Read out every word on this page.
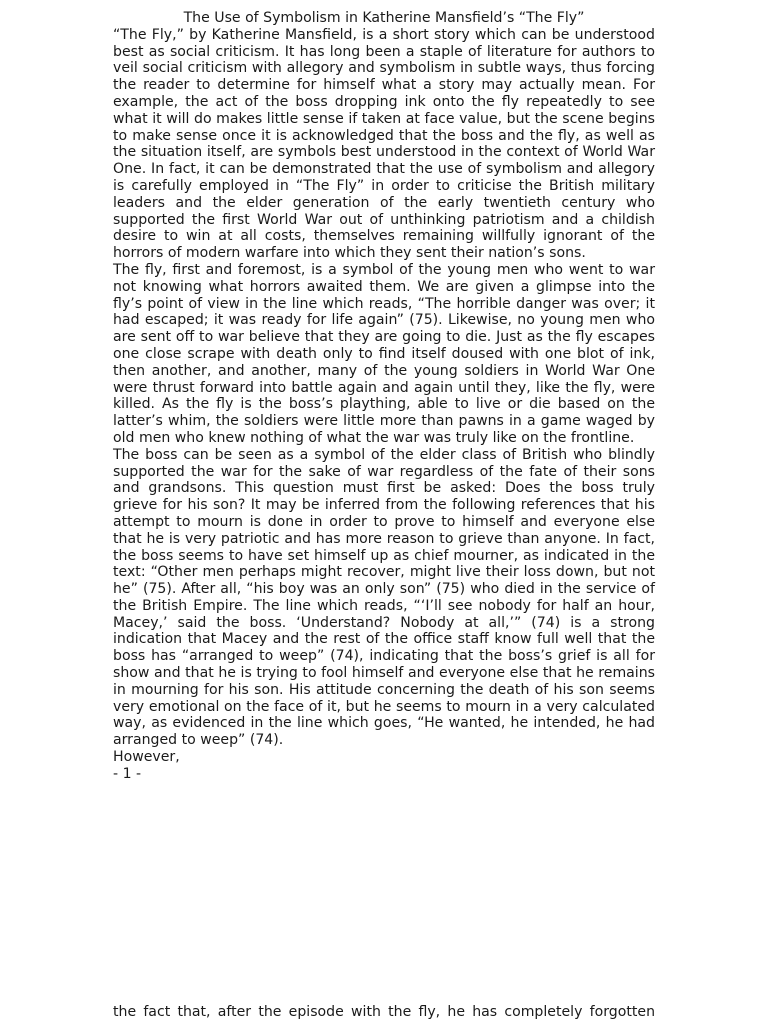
The Use of Symbolism in Katherine Mansfield’s “The Fly”

“The Fly,” by Katherine Mansfield, is a short story which can be understood best as social criticism. It has long been a staple of literature for authors to veil social criticism with allegory and symbolism in subtle ways, thus forcing the reader to determine for himself what a story may actually mean. For example, the act of the boss dropping ink onto the fly repeatedly to see what it will do makes little sense if taken at face value, but the scene begins to make sense once it is acknowledged that the boss and the fly, as well as the situation itself, are symbols best understood in the context of World War One. In fact, it can be demonstrated that the use of symbolism and allegory is carefully employed in “The Fly” in order to criticise the British military leaders and the elder generation of the early twentieth century who supported the first World War out of unthinking patriotism and a childish desire to win at all costs, themselves remaining willfully ignorant of the horrors of modern warfare into which they sent their nation’s sons.

The fly, first and foremost, is a symbol of the young men who went to war not knowing what horrors awaited them. We are given a glimpse into the fly’s point of view in the line which reads, “The horrible danger was over; it had escaped; it was ready for life again” (75). Likewise, no young men who are sent off to war believe that they are going to die. Just as the fly escapes one close scrape with death only to find itself doused with one blot of ink, then another, and another, many of the young soldiers in World War One were thrust forward into battle again and again until they, like the fly, were killed. As the fly is the boss’s plaything, able to live or die based on the latter’s whim, the soldiers were little more than pawns in a game waged by old men who knew nothing of what the war was truly like on the frontline.

The boss can be seen as a symbol of the elder class of British who blindly supported the war for the sake of war regardless of the fate of their sons and grandsons. This question must first be asked: Does the boss truly grieve for his son? It may be inferred from the following references that his attempt to mourn is done in order to prove to himself and everyone else that he is very patriotic and has more reason to grieve than anyone. In fact, the boss seems to have set himself up as chief mourner, as indicated in the text: “Other men perhaps might recover, might live their loss down, but not he” (75). After all, “his boy was an only son” (75) who died in the service of the British Empire. The line which reads, “‘I’ll see nobody for half an hour, Macey,’ said the boss. ‘Understand? Nobody at all,’” (74) is a strong indication that Macey and the rest of the office staff know full well that the boss has “arranged to weep” (74), indicating that the boss’s grief is all for show and that he is trying to fool himself and everyone else that he remains in mourning for his son. His attitude concerning the death of his son seems very emotional on the face of it, but he seems to mourn in a very calculated way, as evidenced in the line which goes, “He wanted, he intended, he had arranged to weep” (74).

However,

- 1 -

the fact that, after the episode with the fly, he has completely forgotten
